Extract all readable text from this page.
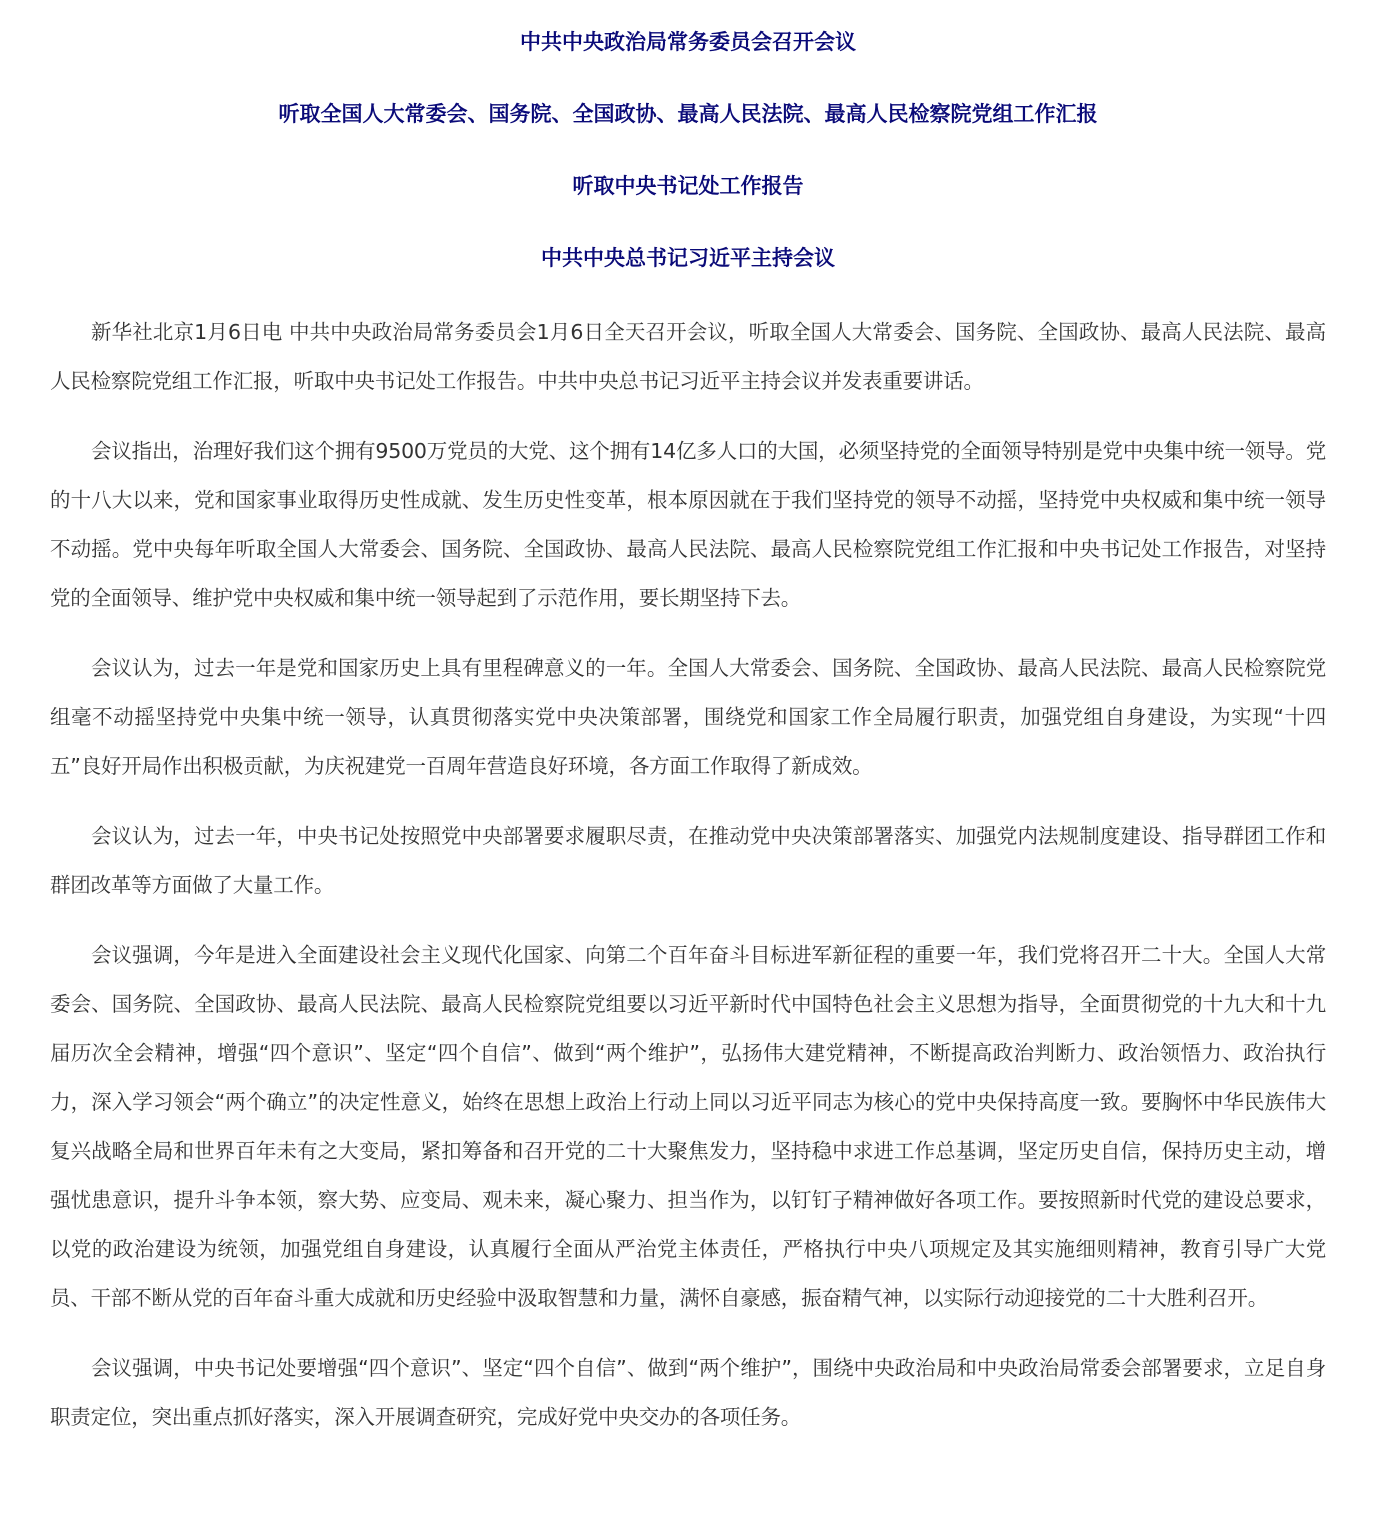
中共中央政治局常务委员会召开会议
听取全国人大常委会、国务院、全国政协、最高人民法院、最高人民检察院党组工作汇报
听取中央书记处工作报告
中共中央总书记习近平主持会议

新华社北京1月6日电 中共中央政治局常务委员会1月6日全天召开会议，听取全国人大常委会、国务院、全国政协、最高人民法院、最高人民检察院党组工作汇报，听取中央书记处工作报告。中共中央总书记习近平主持会议并发表重要讲话。

会议指出，治理好我们这个拥有9500万党员的大党、这个拥有14亿多人口的大国，必须坚持党的全面领导特别是党中央集中统一领导。党的十八大以来，党和国家事业取得历史性成就、发生历史性变革，根本原因就在于我们坚持党的领导不动摇，坚持党中央权威和集中统一领导不动摇。党中央每年听取全国人大常委会、国务院、全国政协、最高人民法院、最高人民检察院党组工作汇报和中央书记处工作报告，对坚持党的全面领导、维护党中央权威和集中统一领导起到了示范作用，要长期坚持下去。

会议认为，过去一年是党和国家历史上具有里程碑意义的一年。全国人大常委会、国务院、全国政协、最高人民法院、最高人民检察院党组毫不动摇坚持党中央集中统一领导，认真贯彻落实党中央决策部署，围绕党和国家工作全局履行职责，加强党组自身建设，为实现“十四五”良好开局作出积极贡献，为庆祝建党一百周年营造良好环境，各方面工作取得了新成效。

会议认为，过去一年，中央书记处按照党中央部署要求履职尽责，在推动党中央决策部署落实、加强党内法规制度建设、指导群团工作和群团改革等方面做了大量工作。

会议强调，今年是进入全面建设社会主义现代化国家、向第二个百年奋斗目标进军新征程的重要一年，我们党将召开二十大。全国人大常委会、国务院、全国政协、最高人民法院、最高人民检察院党组要以习近平新时代中国特色社会主义思想为指导，全面贯彻党的十九大和十九届历次全会精神，增强“四个意识”、坚定“四个自信”、做到“两个维护”，弘扬伟大建党精神，不断提高政治判断力、政治领悟力、政治执行力，深入学习领会“两个确立”的决定性意义，始终在思想上政治上行动上同以习近平同志为核心的党中央保持高度一致。要胸怀中华民族伟大复兴战略全局和世界百年未有之大变局，紧扣筹备和召开党的二十大聚焦发力，坚持稳中求进工作总基调，坚定历史自信，保持历史主动，增强忧患意识，提升斗争本领，察大势、应变局、观未来，凝心聚力、担当作为，以钉钉子精神做好各项工作。要按照新时代党的建设总要求，以党的政治建设为统领，加强党组自身建设，认真履行全面从严治党主体责任，严格执行中央八项规定及其实施细则精神，教育引导广大党员、干部不断从党的百年奋斗重大成就和历史经验中汲取智慧和力量，满怀自豪感，振奋精气神，以实际行动迎接党的二十大胜利召开。

会议强调，中央书记处要增强“四个意识”、坚定“四个自信”、做到“两个维护”，围绕中央政治局和中央政治局常委会部署要求，立足自身职责定位，突出重点抓好落实，深入开展调查研究，完成好党中央交办的各项任务。
